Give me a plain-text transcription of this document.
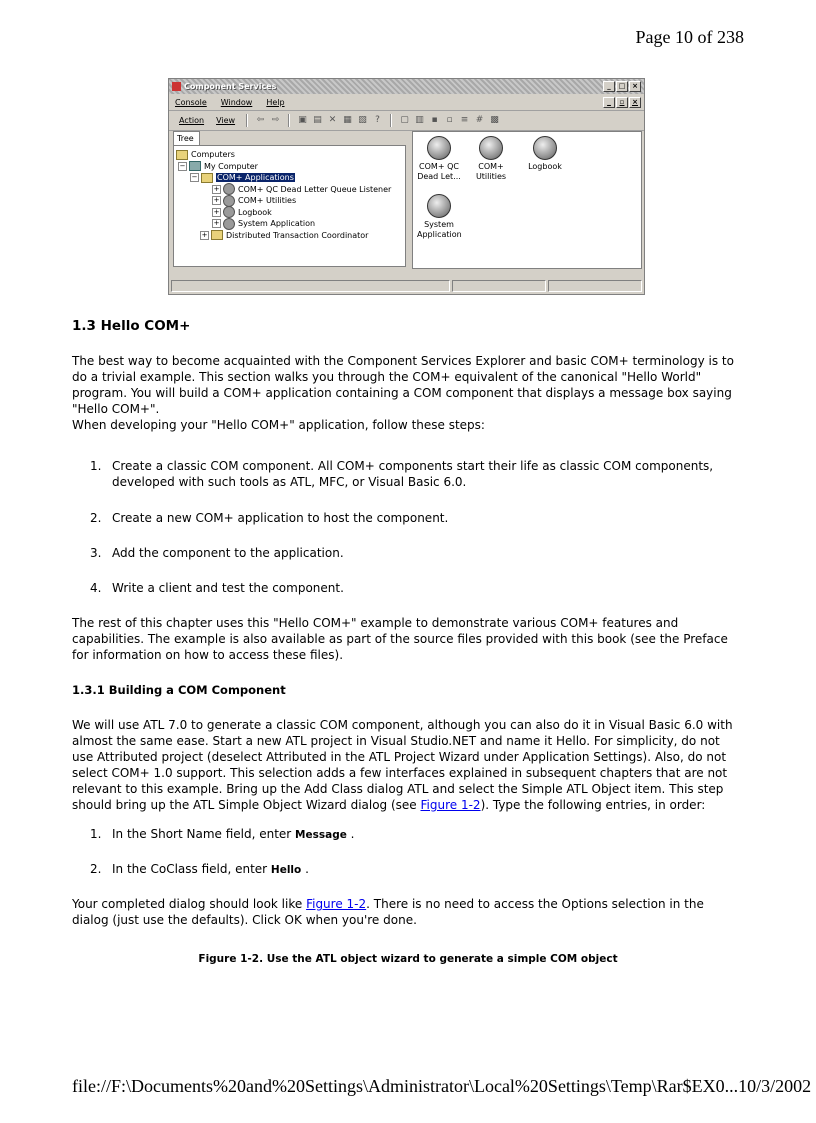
Page 10 of 238
Component Services	_	□ ×
Console Window Help	_	▫	×
Action	View	⇦ ⇨ ▣ ▤ ✕ ▦ ▧ ?	▢ ▥ ▪ ▫ ≡ # ▩
Tree
Computers
− My Computer
− COM+ Applications
+ COM+ QC Dead Letter Queue Listener
+ COM+ Utilities
+ Logbook
+ System Application
+ Distributed Transaction Coordinator
COM+ QC Dead Let...
COM+ Utilities
Logbook
System Application
1.3 Hello COM+

The best way to become acquainted with the Component Services Explorer and basic COM+ terminology is to do a trivial example. This section walks you through the COM+ equivalent of the canonical "Hello World" program. You will build a COM+ application containing a COM component that displays a message box saying "Hello COM+".

When developing your "Hello COM+" application, follow these steps:

1. Create a classic COM component. All COM+ components start their life as classic COM components, developed with such tools as ATL, MFC, or Visual Basic 6.0.
2. Create a new COM+ application to host the component.
3. Add the component to the application.
4. Write a client and test the component.

The rest of this chapter uses this "Hello COM+" example to demonstrate various COM+ features and capabilities. The example is also available as part of the source files provided with this book (see the Preface for information on how to access these files).

1.3.1 Building a COM Component

We will use ATL 7.0 to generate a classic COM component, although you can also do it in Visual Basic 6.0 with almost the same ease. Start a new ATL project in Visual Studio.NET and name it Hello. For simplicity, do not use Attributed project (deselect Attributed in the ATL Project Wizard under Application Settings). Also, do not select COM+ 1.0 support. This selection adds a few interfaces explained in subsequent chapters that are not relevant to this example. Bring up the Add Class dialog ATL and select the Simple ATL Object item. This step should bring up the ATL Simple Object Wizard dialog (see Figure 1-2). Type the following entries, in order:

1. In the Short Name field, enter Message .
2. In the CoClass field, enter Hello .

Your completed dialog should look like Figure 1-2. There is no need to access the Options selection in the dialog (just use the defaults). Click OK when you're done.

Figure 1-2. Use the ATL object wizard to generate a simple COM object
file://F:\Documents%20and%20Settings\Administrator\Local%20Settings\Temp\Rar$EX0... 10/3/2002
